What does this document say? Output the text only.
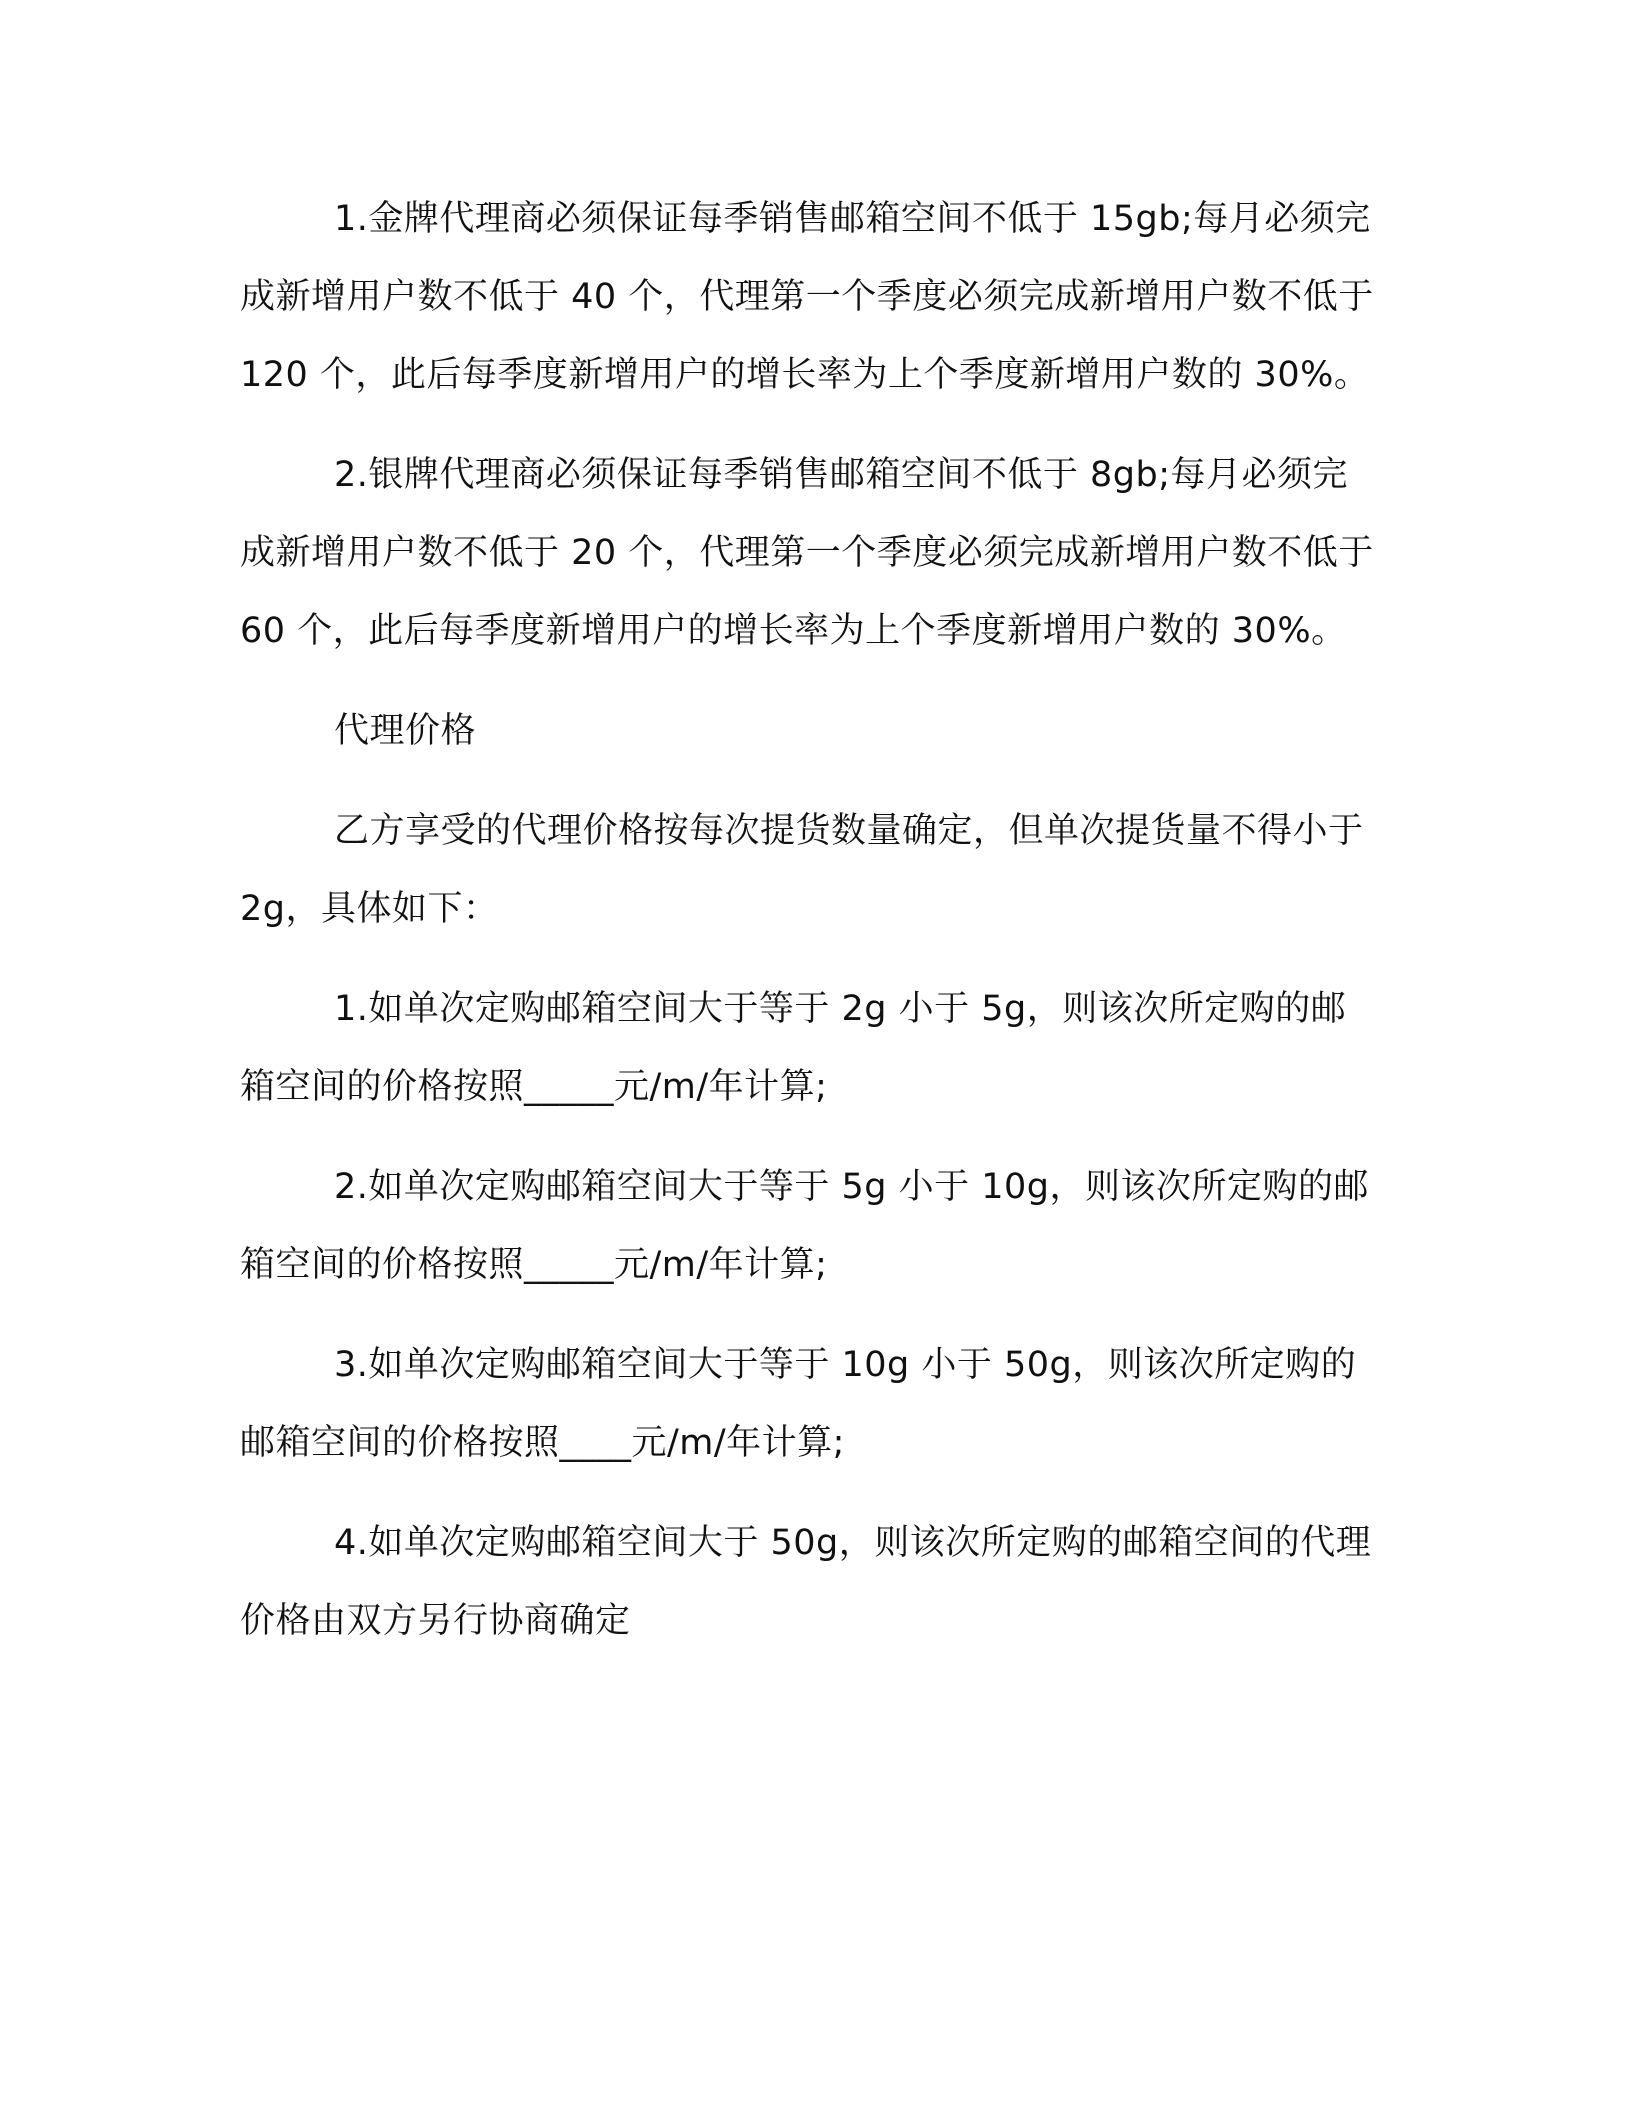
1.金牌代理商必须保证每季销售邮箱空间不低于 15gb;每月必须完成新增用户数不低于 40 个，代理第一个季度必须完成新增用户数不低于 120 个，此后每季度新增用户的增长率为上个季度新增用户数的 30%。

2.银牌代理商必须保证每季销售邮箱空间不低于 8gb;每月必须完成新增用户数不低于 20 个，代理第一个季度必须完成新增用户数不低于 60 个，此后每季度新增用户的增长率为上个季度新增用户数的 30%。

代理价格

乙方享受的代理价格按每次提货数量确定，但单次提货量不得小于 2g，具体如下：

1.如单次定购邮箱空间大于等于 2g 小于 5g，则该次所定购的邮箱空间的价格按照_____元/m/年计算;

2.如单次定购邮箱空间大于等于 5g 小于 10g，则该次所定购的邮箱空间的价格按照_____元/m/年计算;

3.如单次定购邮箱空间大于等于 10g 小于 50g，则该次所定购的邮箱空间的价格按照____元/m/年计算;

4.如单次定购邮箱空间大于 50g，则该次所定购的邮箱空间的代理价格由双方另行协商确定
